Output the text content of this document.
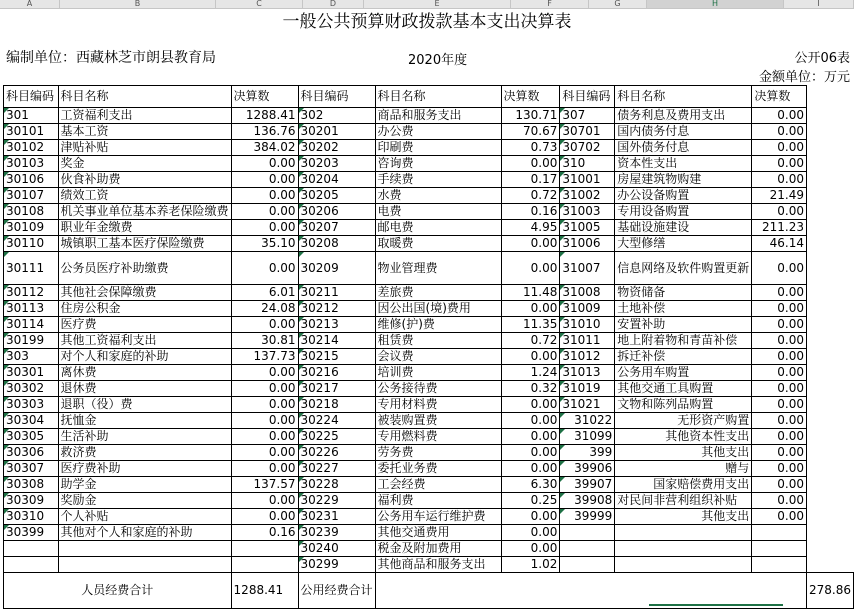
A	B	C	D	E	F	G	H	I
一般公共预算财政拨款基本支出决算表
编制单位：西藏林芝市朗县教育局	2020年度	公开06表
金额单位：万元
科目编码	科目名称	决算数	科目编码	科目名称	决算数	科目编码	科目名称	决算数	
301	工资福利支出	1288.41	302	商品和服务支出	130.71	307	债务利息及费用支出	0.00	
30101	基本工资	136.76	30201	办公费	70.67	30701	国内债务付息	0.00	
30102	津贴补贴	384.02	30202	印刷费	0.73	30702	国外债务付息	0.00	
30103	奖金	0.00	30203	咨询费	0.00	310	资本性支出	0.00	
30106	伙食补助费	0.00	30204	手续费	0.17	31001	房屋建筑物购建	0.00	
30107	绩效工资	0.00	30205	水费	0.72	31002	办公设备购置	21.49	
30108	机关事业单位基本养老保险缴费	0.00	30206	电费	0.16	31003	专用设备购置	0.00	
30109	职业年金缴费	0.00	30207	邮电费	4.95	31005	基础设施建设	211.23	
30110	城镇职工基本医疗保险缴费	35.10	30208	取暖费	0.00	31006	大型修缮	46.14	
30111	公务员医疗补助缴费	0.00	30209	物业管理费	0.00	31007	信息网络及软件购置更新	0.00	
30112	其他社会保障缴费	6.01	30211	差旅费	11.48	31008	物资储备	0.00	
30113	住房公积金	24.08	30212	因公出国(境)费用	0.00	31009	土地补偿	0.00	
30114	医疗费	0.00	30213	维修(护)费	11.35	31010	安置补助	0.00	
30199	其他工资福利支出	30.81	30214	租赁费	0.72	31011	地上附着物和青苗补偿	0.00	
303	对个人和家庭的补助	137.73	30215	会议费	0.00	31012	拆迁补偿	0.00	
30301	离休费	0.00	30216	培训费	1.24	31013	公务用车购置	0.00	
30302	退休费	0.00	30217	公务接待费	0.32	31019	其他交通工具购置	0.00	
30303	退职（役）费	0.00	30218	专用材料费	0.00	31021	文物和陈列品购置	0.00	
30304	抚恤金	0.00	30224	被装购置费	0.00	31022	无形资产购置	0.00	
30305	生活补助	0.00	30225	专用燃料费	0.00	31099	其他资本性支出	0.00	
30306	救济费	0.00	30226	劳务费	0.00	399	其他支出	0.00	
30307	医疗费补助	0.00	30227	委托业务费	0.00	39906	赠与	0.00	
30308	助学金	137.57	30228	工会经费	6.30	39907	国家赔偿费用支出	0.00	
30309	奖励金	0.00	30229	福利费	0.25	39908	对民间非营利组织补贴	0.00	
30310	个人补贴	0.00	30231	公务用车运行维护费	0.00	39999	其他支出	0.00	
30399	其他对个人和家庭的补助	0.16	30239	其他交通费用	0.00				
			30240	税金及附加费用	0.00				
			30299	其他商品和服务支出	1.02				
人员经费合计		1288.41	公用经费合计						278.86
